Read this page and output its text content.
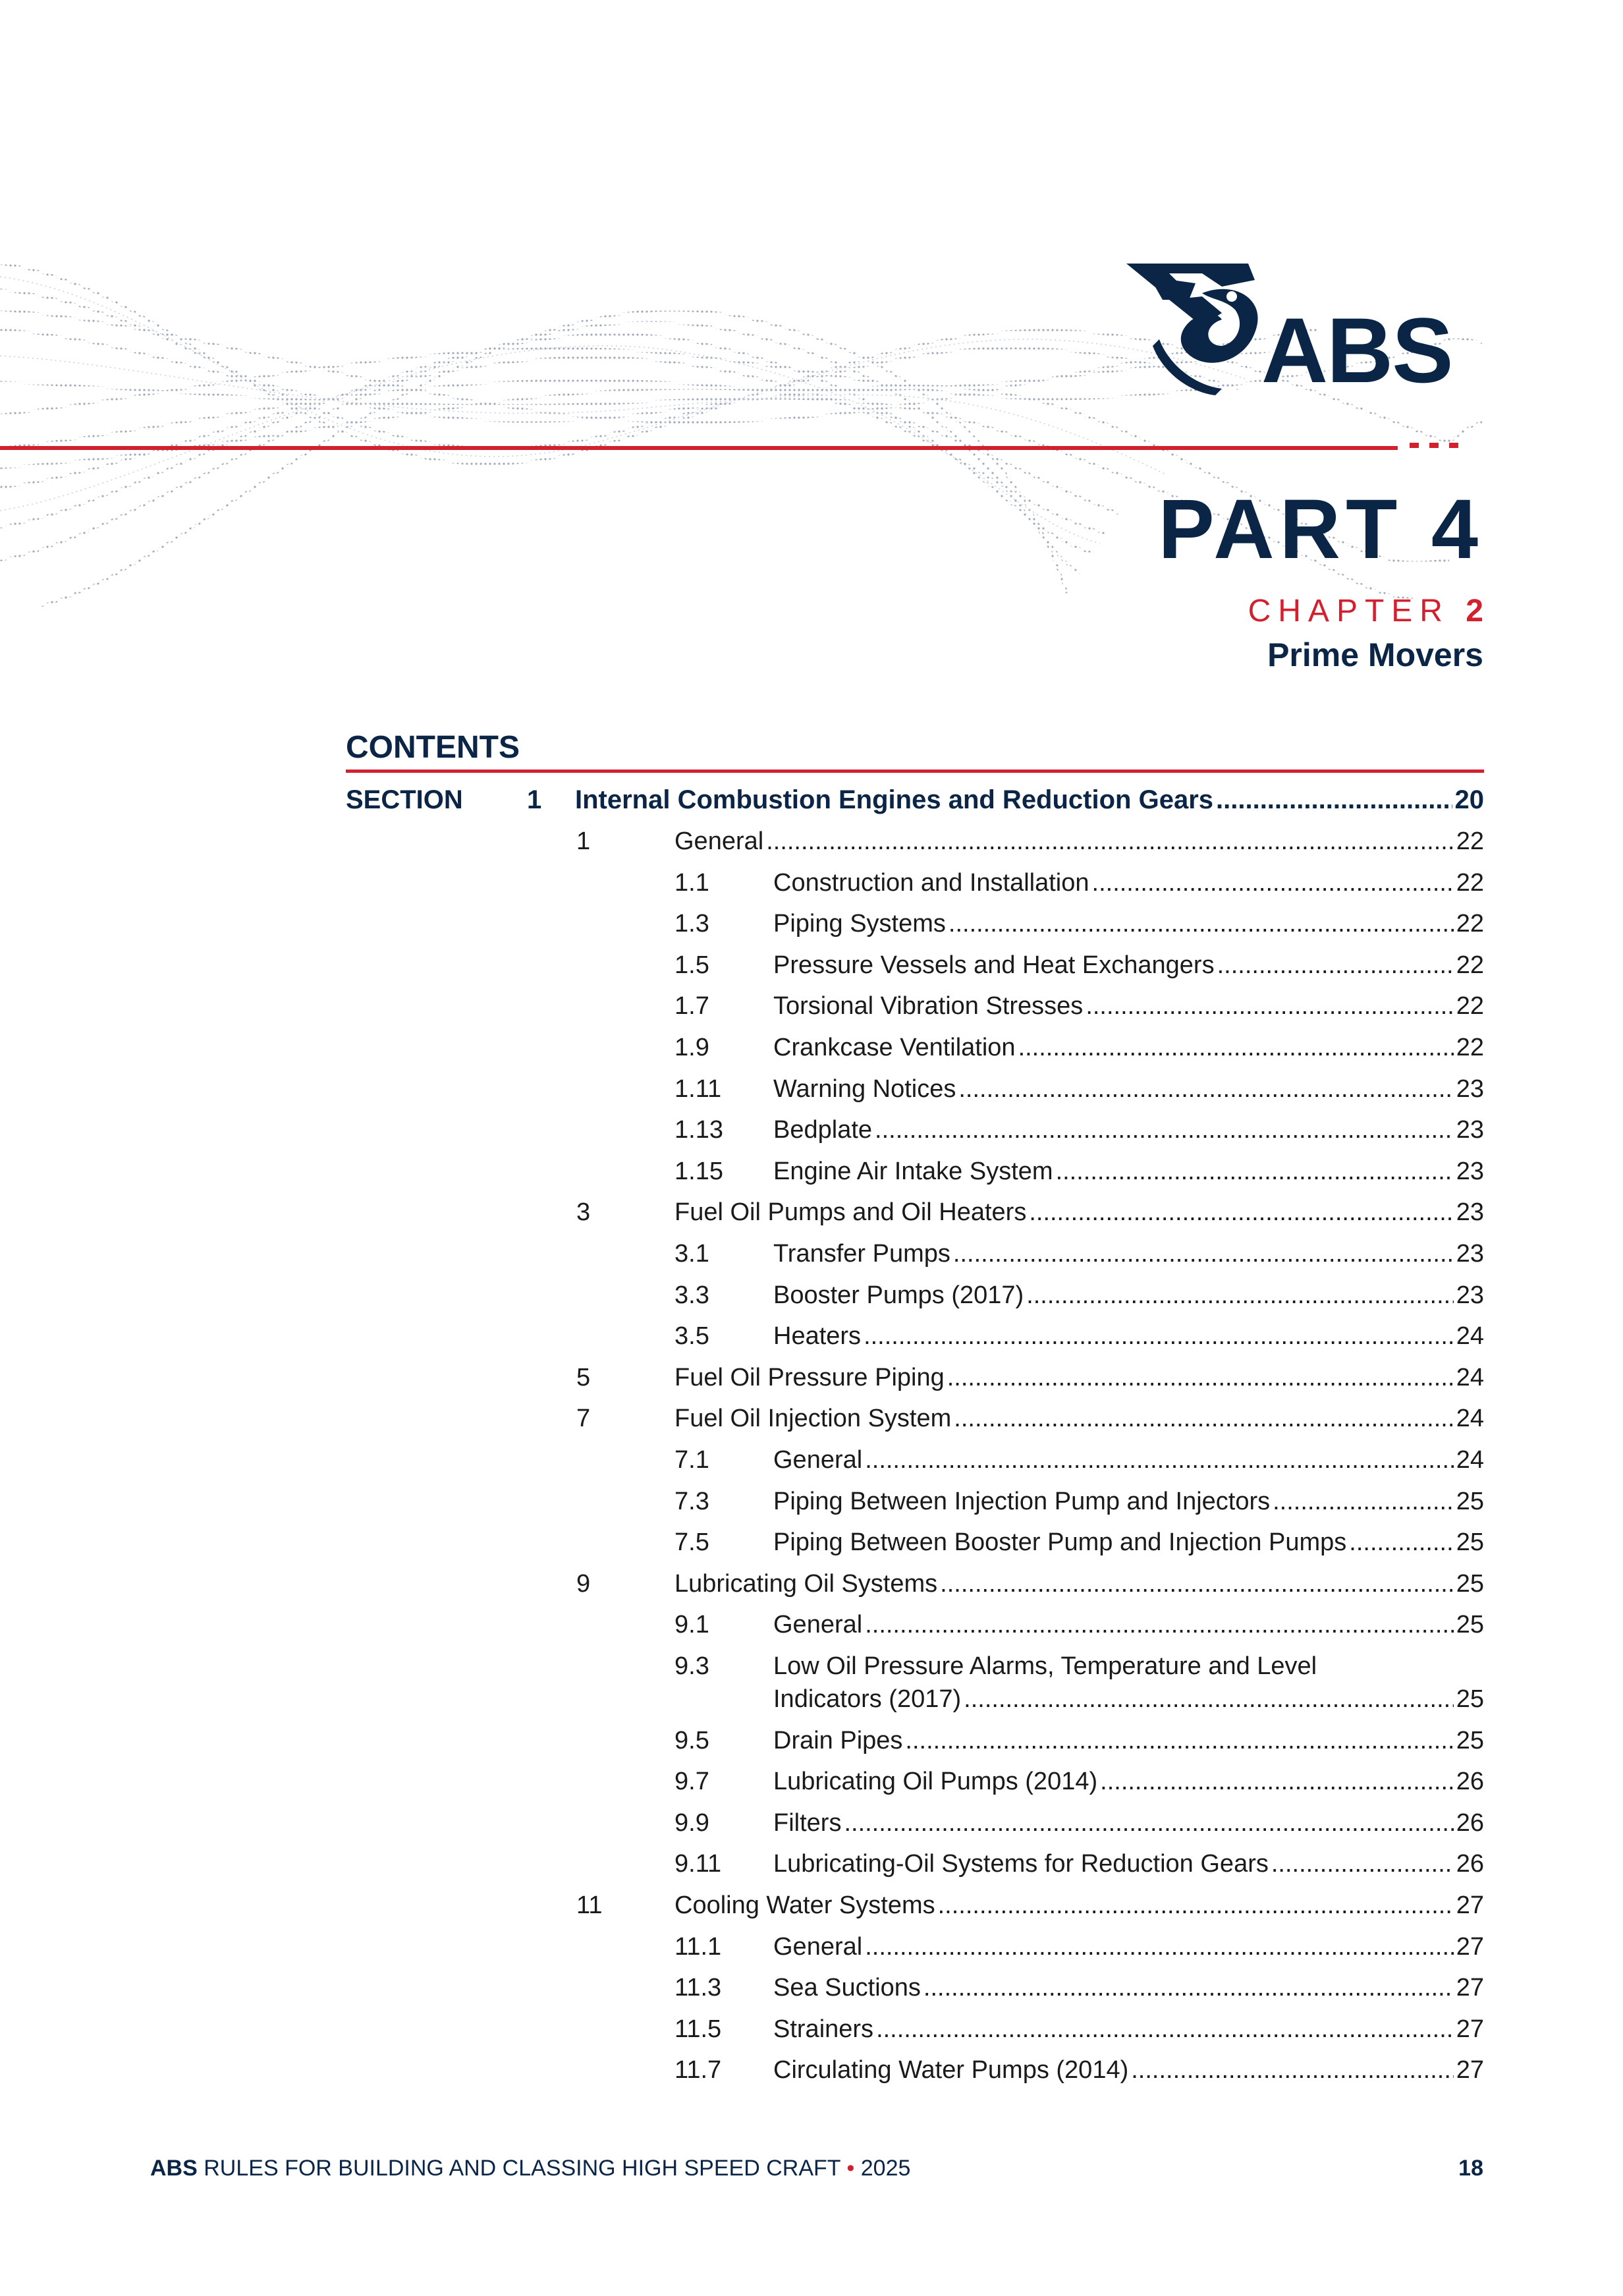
ABS
PART 4
CHAPTER 2
Prime Movers
CONTENTS
SECTION 1 Internal Combustion Engines and Reduction Gears .....	20
1	General .....	22
1.1	Construction and Installation .....	22
1.3	Piping Systems .....	22
1.5	Pressure Vessels and Heat Exchangers .....	22
1.7	Torsional Vibration Stresses .....	22
1.9	Crankcase Ventilation .....	22
1.11 Warning Notices .....	23
1.13 Bedplate .....	23
1.15 Engine Air Intake System .....	23
3	Fuel Oil Pumps and Oil Heaters .....	23
3.1	Transfer Pumps .....	23
3.3	Booster Pumps (2017) .....	23
3.5	Heaters .....	24
5	Fuel Oil Pressure Piping .....	24
7	Fuel Oil Injection System .....	24
7.1	General .....	24
7.3	Piping Between Injection Pump and Injectors .....	25
7.5	Piping Between Booster Pump and Injection Pumps .....	25
9	Lubricating Oil Systems .....	25
9.1	General .....	25
9.3	Low Oil Pressure Alarms, Temperature and Level
Indicators (2017) .....	25
9.5	Drain Pipes .....	25
9.7	Lubricating Oil Pumps (2014) .....	26
9.9	Filters .....	26
9.11 Lubricating-Oil Systems for Reduction Gears .....	26
11	Cooling Water Systems .....	27
11.1 General .....	27
11.3 Sea Suctions .....	27
11.5 Strainers .....	27
11.7 Circulating Water Pumps (2014) .....	27
ABS RULES FOR BUILDING AND CLASSING HIGH SPEED CRAFT • 2025	18
